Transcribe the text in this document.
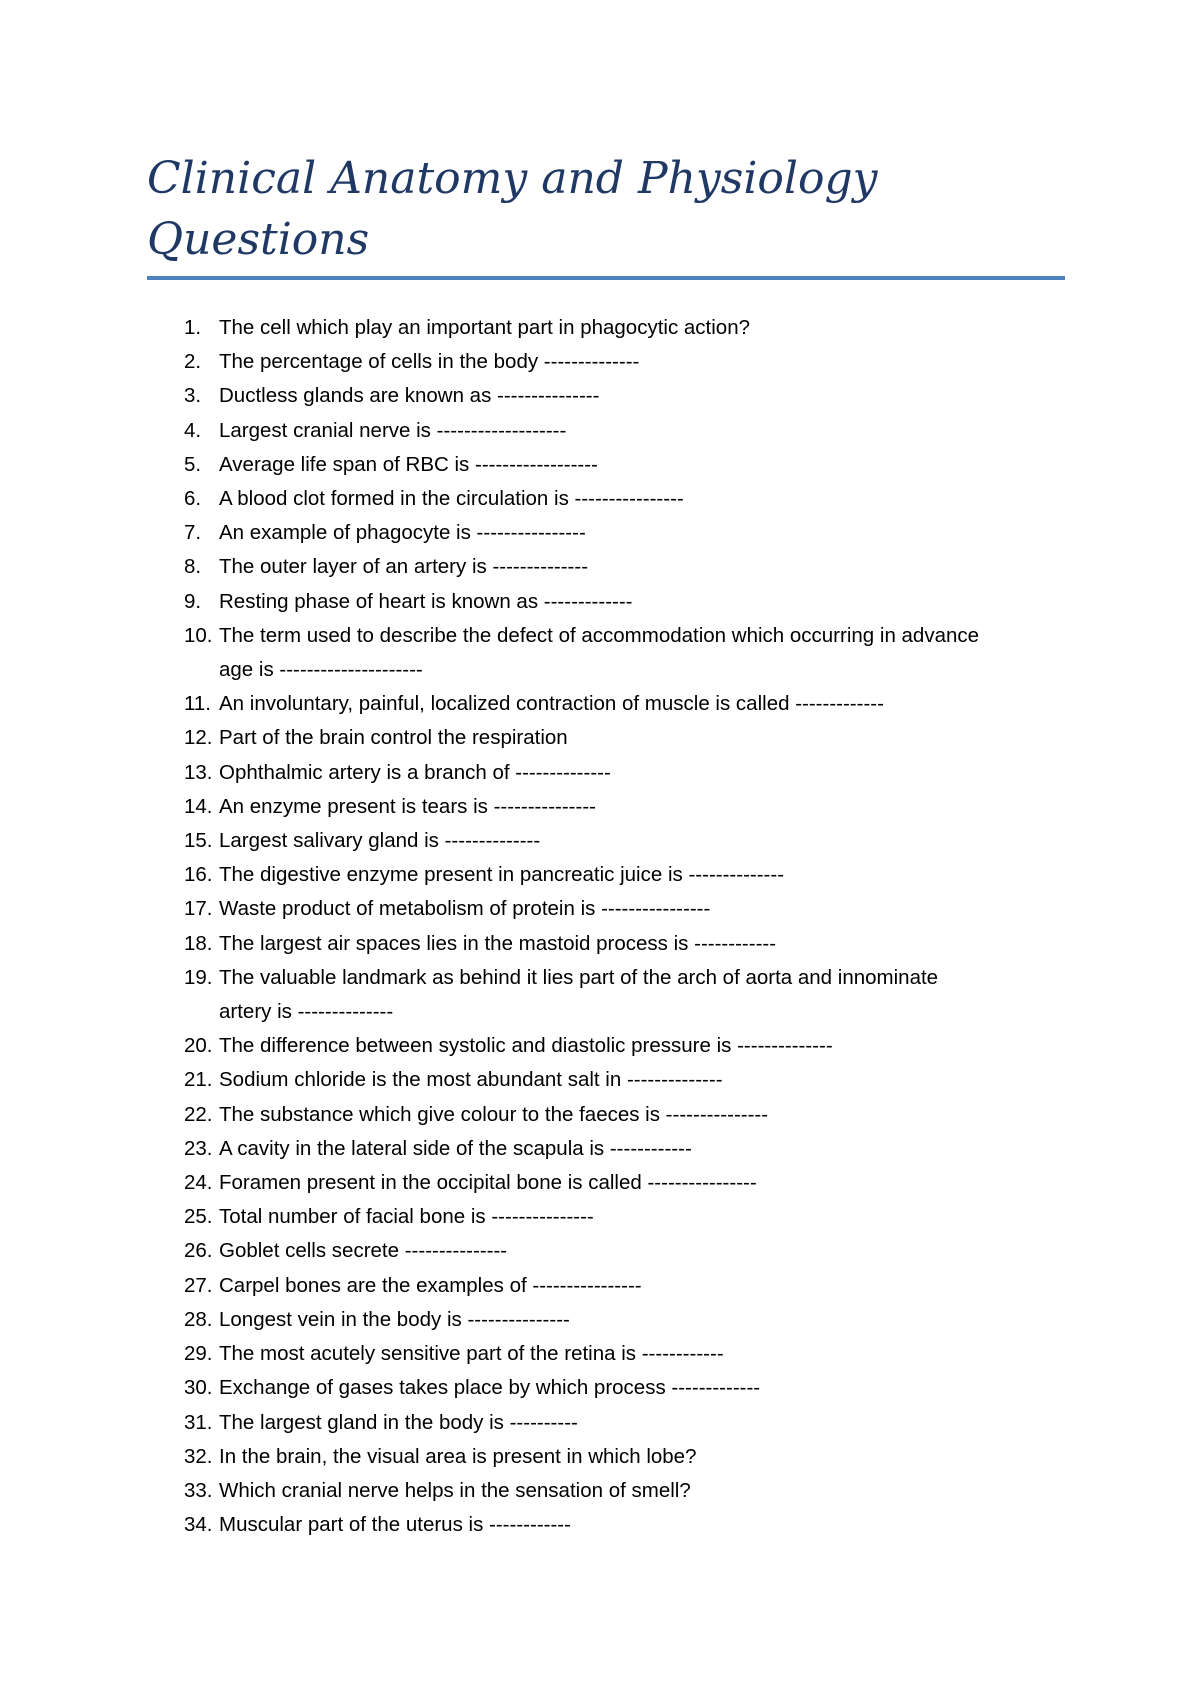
Clinical Anatomy and Physiology
Questions
1. The cell which play an important part in phagocytic action?
2. The percentage of cells in the body --------------
3. Ductless glands are known as ---------------
4. Largest cranial nerve is -------------------
5. Average life span of RBC is ------------------
6. A blood clot formed in the circulation is ----------------
7. An example of phagocyte is ----------------
8. The outer layer of an artery is --------------
9. Resting phase of heart is known as -------------
10. The term used to describe the defect of accommodation which occurring in advance
age is ---------------------
11. An involuntary, painful, localized contraction of muscle is called -------------
12. Part of the brain control the respiration
13. Ophthalmic artery is a branch of --------------
14. An enzyme present is tears is ---------------
15. Largest salivary gland is --------------
16. The digestive enzyme present in pancreatic juice is --------------
17. Waste product of metabolism of protein is ----------------
18. The largest air spaces lies in the mastoid process is ------------
19. The valuable landmark as behind it lies part of the arch of aorta and innominate
artery is --------------
20. The difference between systolic and diastolic pressure is --------------
21. Sodium chloride is the most abundant salt in --------------
22. The substance which give colour to the faeces is ---------------
23. A cavity in the lateral side of the scapula is ------------
24. Foramen present in the occipital bone is called ----------------
25. Total number of facial bone is ---------------
26. Goblet cells secrete ---------------
27. Carpel bones are the examples of ----------------
28. Longest vein in the body is ---------------
29. The most acutely sensitive part of the retina is ------------
30. Exchange of gases takes place by which process -------------
31. The largest gland in the body is ----------
32. In the brain, the visual area is present in which lobe?
33. Which cranial nerve helps in the sensation of smell?
34. Muscular part of the uterus is ------------
